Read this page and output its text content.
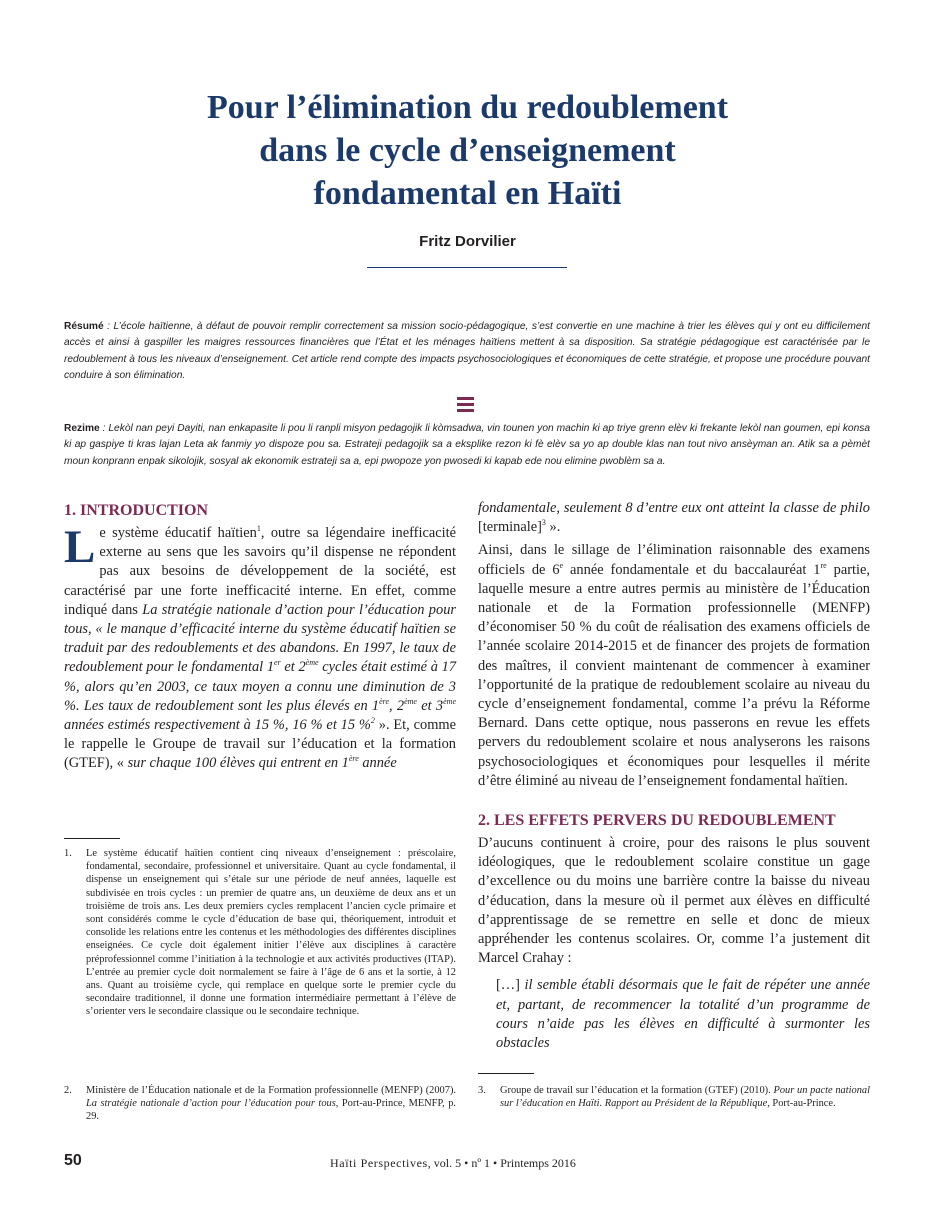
Pour l’élimination du redoublement
dans le cycle d’enseignement
fondamental en Haïti
Fritz Dorvilier
Résumé : L’école haïtienne, à défaut de pouvoir remplir correctement sa mission socio-pédagogique, s’est convertie en une machine à trier les élèves qui y ont eu difficilement accès et ainsi à gaspiller les maigres ressources financières que l’État et les ménages haïtiens mettent à sa disposition. Sa stratégie pédagogique est caractérisée par le redoublement à tous les niveaux d’enseignement. Cet article rend compte des impacts psychosociologiques et économiques de cette stratégie, et propose une procédure pouvant conduire à son élimination.
Rezime : Lekòl nan peyi Dayiti, nan enkapasite li pou li ranpli misyon pedagojik li kòmsadwa, vin tounen yon machin ki ap triye grenn elèv ki frekante lekòl nan goumen, epi konsa ki ap gaspiye ti kras lajan Leta ak fanmiy yo dispoze pou sa. Estrateji pedagojik sa a eksplike rezon ki fè elèv sa yo ap double klas nan tout nivo ansèyman an. Atik sa a pèmèt moun konprann enpak sikolojik, sosyal ak ekonomik estrateji sa a, epi pwopoze yon pwosedi ki kapab ede nou elimine pwoblèm sa a.
1. INTRODUCTION

Le système éducatif haïtien$^1$, outre sa légendaire inefficacité externe au sens que les savoirs qu’il dispense ne répondent pas aux besoins de développement de la société, est caractérisé par une forte inefficacité interne. En effet, comme indiqué dans La stratégie nationale d’action pour l’éducation pour tous, « le manque d’efficacité interne du système éducatif haïtien se traduit par des redoublements et des abandons. En 1997, le taux de redoublement pour le fondamental 1er et 2ème cycles était estimé à 17 %, alors qu’en 2003, ce taux moyen a connu une diminution de 3 %. Les taux de redoublement sont les plus élevés en 1ère, 2ème et 3ème années estimés respectivement à 15 %, 16 % et 15 %$^2$ ». Et, comme le rappelle le Groupe de travail sur l’éducation et la formation (GTEF), « sur chaque 100 élèves qui entrent en 1ère année

fondamentale, seulement 8 d’entre eux ont atteint la classe de philo [terminale]$^3$ ».

Ainsi, dans le sillage de l’élimination raisonnable des examens officiels de 6e année fondamentale et du baccalauréat 1re partie, laquelle mesure a entre autres permis au ministère de l’Éducation nationale et de la Formation professionnelle (MENFP) d’économiser 50 % du coût de réalisation des examens officiels de l’année scolaire 2014-2015 et de financer des projets de formation des maîtres, il convient maintenant de commencer à examiner l’opportunité de la pratique de redoublement scolaire au niveau du cycle d’enseignement fondamental, comme l’a prévu la Réforme Bernard. Dans cette optique, nous passerons en revue les effets pervers du redoublement scolaire et nous analyserons les raisons psychosociologiques et économiques pour lesquelles il mérite d’être éliminé au niveau de l’enseignement fondamental haïtien.

2. LES EFFETS PERVERS DU REDOUBLEMENT

D’aucuns continuent à croire, pour des raisons le plus souvent idéologiques, que le redoublement scolaire constitue un gage d’excellence ou du moins une barrière contre la baisse du niveau d’éducation, dans la mesure où il permet aux élèves en difficulté d’apprentissage de se remettre en selle et donc de mieux appréhender les contenus scolaires. Or, comme l’a justement dit Marcel Crahay :

[…] il semble établi désormais que le fait de répéter une année et, partant, de recommencer la totalité d’un programme de cours n’aide pas les élèves en difficulté à surmonter les obstacles

1. Le système éducatif haïtien contient cinq niveaux d’enseignement : préscolaire, fondamental, secondaire, professionnel et universitaire. Quant au cycle fondamental, il dispense un enseignement qui s’étale sur une période de neuf années, laquelle est subdivisée en trois cycles : un premier de quatre ans, un deuxième de deux ans et un troisième de trois ans. Les deux premiers cycles remplacent l’ancien cycle primaire et sont considérés comme le cycle d’éducation de base qui, théoriquement, introduit et consolide les relations entre les contenus et les méthodologies des différentes disciplines enseignées. Ce cycle doit également initier l’élève aux disciplines à caractère préprofessionnel comme l’initiation à la technologie et aux activités productives (ITAP). L’entrée au premier cycle doit normalement se faire à l’âge de 6 ans et la sortie, à 12 ans. Quant au troisième cycle, qui remplace en quelque sorte le premier cycle du secondaire traditionnel, il donne une formation intermédiaire permettant à l’élève de s’orienter vers le secondaire classique ou le secondaire technique.
2. Ministère de l’Éducation nationale et de la Formation professionnelle (MENFP) (2007). La stratégie nationale d’action pour l’éducation pour tous, Port-au-Prince, MENFP, p. 29.
3. Groupe de travail sur l’éducation et la formation (GTEF) (2010). Pour un pacte national sur l’éducation en Haïti. Rapport au Président de la République, Port-au-Prince.
50	Haïti Perspectives, vol. 5 • nº 1 • Printemps 2016
